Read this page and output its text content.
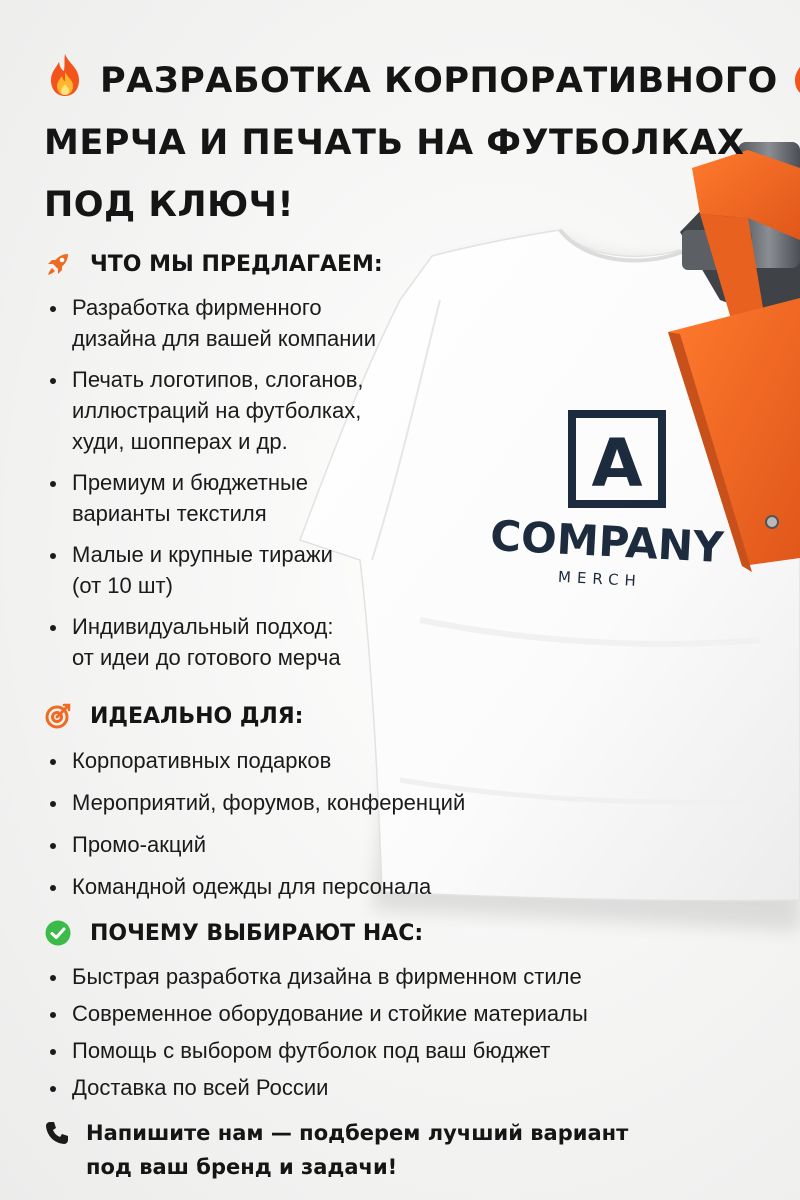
A
COMPANY
MERCH
РАЗРАБОТКА КОРПОРАТИВНОГО
МЕРЧА И ПЕЧАТЬ НА ФУТБОЛКАХ
ПОД КЛЮЧ!
ЧТО МЫ ПРЕДЛАГАЕМ:
Разработка фирменного
дизайна для вашей компании
Печать логотипов, слоганов,
иллюстраций на футболках,
худи, шопперах и др.
Премиум и бюджетные
варианты текстиля
Малые и крупные тиражи
(от 10 шт)
Индивидуальный подход:
от идеи до готового мерча
ИДЕАЛЬНО ДЛЯ:
Корпоративных подарков
Мероприятий, форумов, конференций
Промо-акций
Командной одежды для персонала
ПОЧЕМУ ВЫБИРАЮТ НАС:
Быстрая разработка дизайна в фирменном стиле
Современное оборудование и стойкие материалы
Помощь с выбором футболок под ваш бюджет
Доставка по всей России
Напишите нам — подберем лучший вариант
под ваш бренд и задачи!
